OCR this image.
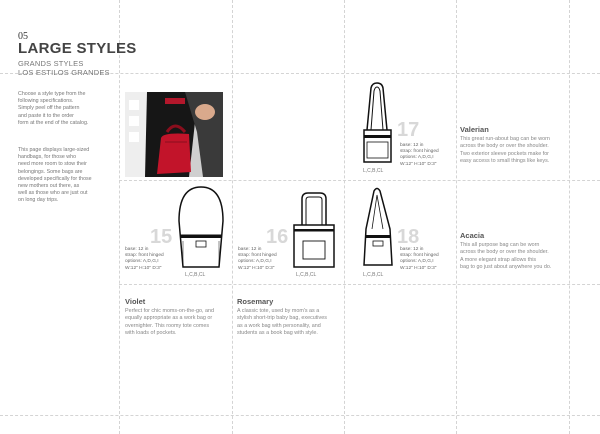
05

LARGE STYLES

GRANDS STYLES

LOS ESTILOS GRANDES

Choose a style type from the
following specifications.
Simply peel off the pattern
and paste it to the order
form at the end of the catalog.
This page displays large-sized
handbags, for those who
need more room to stow their
belongings. Some bags are
developed specifically for those
new mothers out there, as
well as those who are just out
on long day trips.

L,C,B,CL

17

base: 12 in
strap: front hinged
options: A,D,G,I
W:12" H:10" D:3"

Valerian

This great run-about bag can be worn
across the body or over the shoulder.
Two exterior sleeve pockets make for
easy access to small things like keys.

L,C,B,CL

15

base: 12 in
strap: front hinged
options: A,D,G,I
W:12" H:10" D:3"

Violet

Perfect for chic moms-on-the-go, and
equally appropriate as a work bag or
overnighter. This roomy tote comes
with loads of pockets.

L,C,B,CL

16

base: 12 in
strap: front hinged
options: A,D,G,I
W:12" H:10" D:3"

Rosemary

A classic tote, used by mom's as a
stylish short-trip baby bag, executives
as a work bag with personality, and
students as a book bag with style.

L,C,B,CL

18

base: 12 in
strap: front hinged
options: A,D,G,I
W:12" H:10" D:3"

Acacia

This all purpose bag can be worn
across the body or over the shoulder.
A more elegant strap allows this
bag to go just about anywhere you do.
